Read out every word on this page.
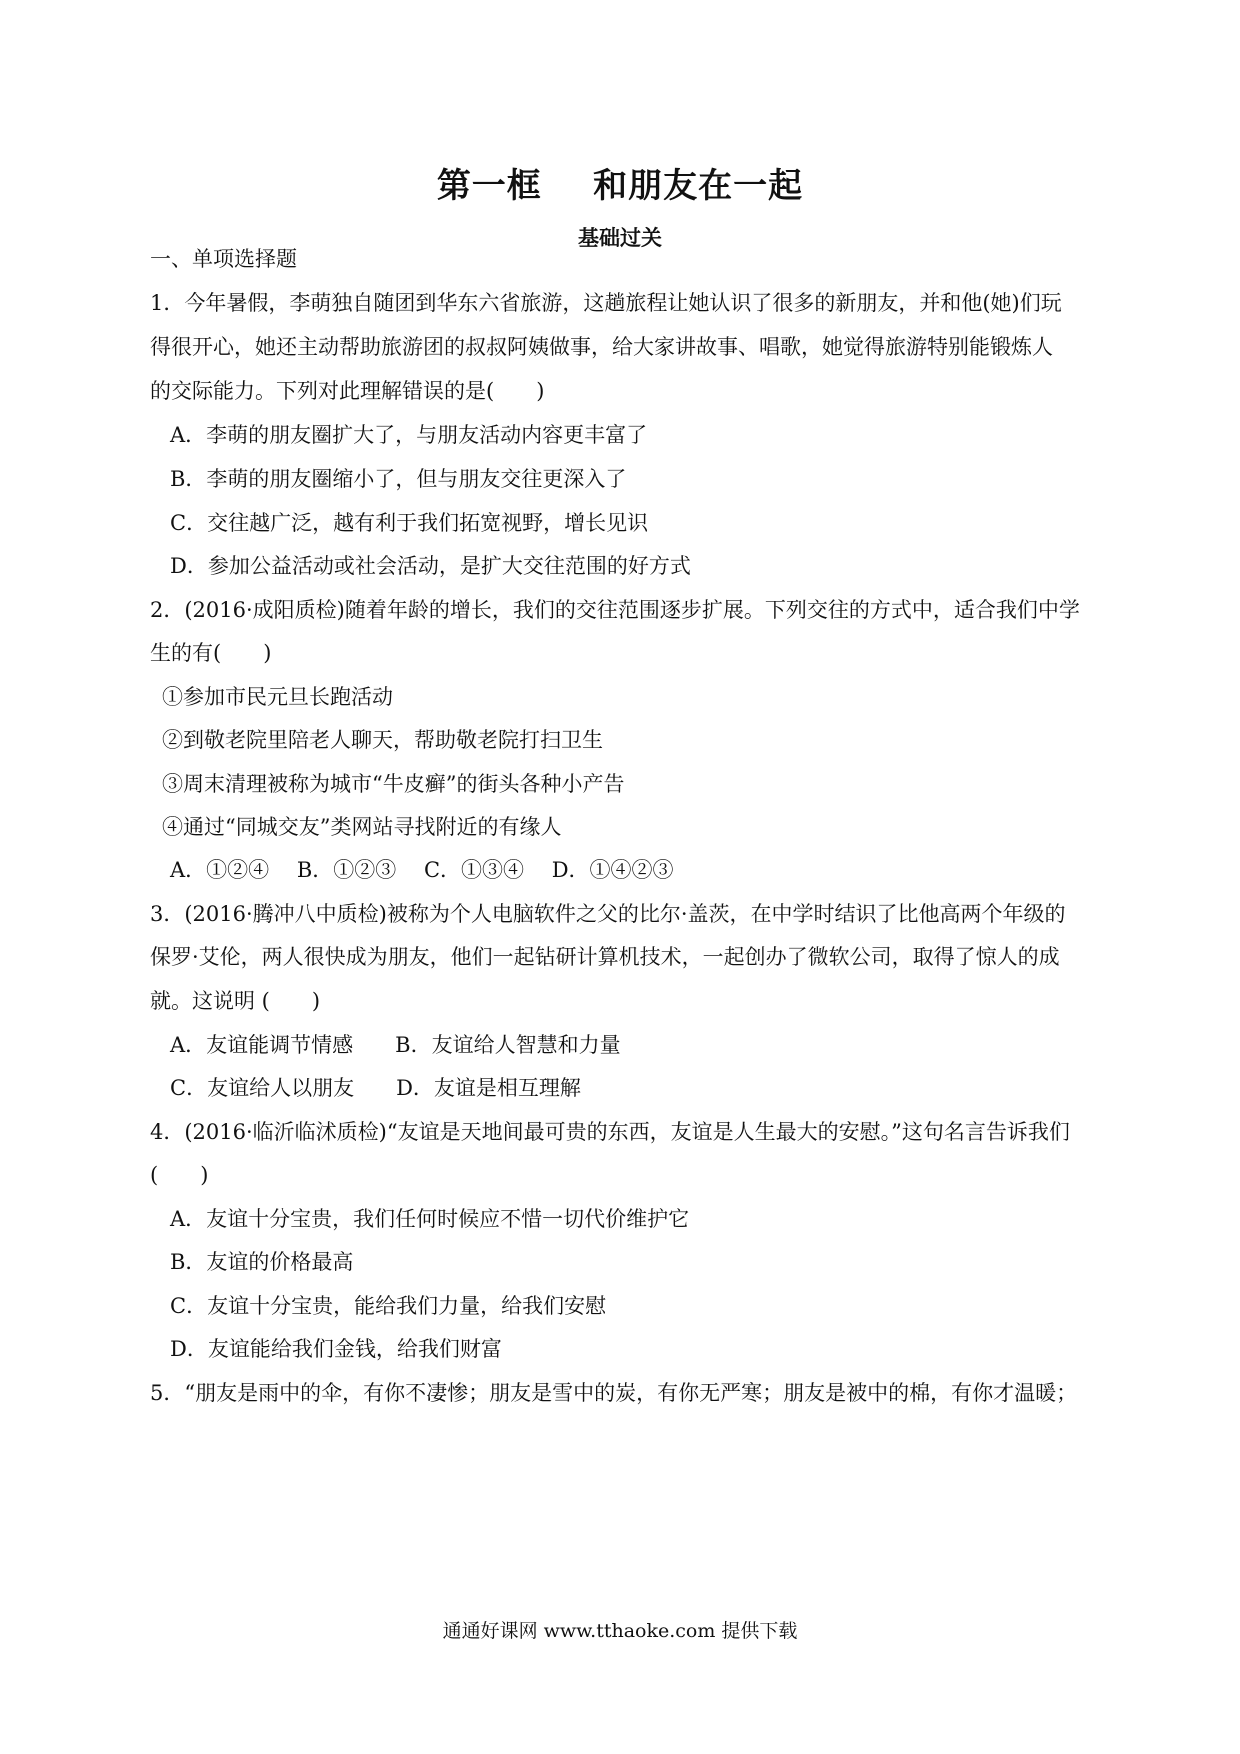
第一框    和朋友在一起
基础过关
一、单项选择题
1．今年暑假，李萌独自随团到华东六省旅游，这趟旅程让她认识了很多的新朋友，并和他(她)们玩
得很开心，她还主动帮助旅游团的叔叔阿姨做事，给大家讲故事、唱歌，她觉得旅游特别能锻炼人
的交际能力。下列对此理解错误的是(　　)
A．李萌的朋友圈扩大了，与朋友活动内容更丰富了
B．李萌的朋友圈缩小了，但与朋友交往更深入了
C．交往越广泛，越有利于我们拓宽视野，增长见识
D．参加公益活动或社会活动，是扩大交往范围的好方式
2．(2016·成阳质检)随着年龄的增长，我们的交往范围逐步扩展。下列交往的方式中，适合我们中学
生的有(　　)
①参加市民元旦长跑活动
②到敬老院里陪老人聊天，帮助敬老院打扫卫生
③周末清理被称为城市“牛皮癣”的街头各种小产告
④通过“同城交友”类网站寻找附近的有缘人
A．①②④　 B．①②③　 C．①③④　 D．①④②③
3．(2016·腾冲八中质检)被称为个人电脑软件之父的比尔·盖茨，在中学时结识了比他高两个年级的
保罗·艾伦，两人很快成为朋友，他们一起钻研计算机技术，一起创办了微软公司，取得了惊人的成
就。这说明 (　　)
A．友谊能调节情感　　B．友谊给人智慧和力量
C．友谊给人以朋友　　D．友谊是相互理解
4．(2016·临沂临沭质检)“友谊是天地间最可贵的东西，友谊是人生最大的安慰。”这句名言告诉我们
(　　)
A．友谊十分宝贵，我们任何时候应不惜一切代价维护它
B．友谊的价格最高
C．友谊十分宝贵，能给我们力量，给我们安慰
D．友谊能给我们金钱，给我们财富
5．“朋友是雨中的伞，有你不凄惨；朋友是雪中的炭，有你无严寒；朋友是被中的棉，有你才温暖；
通通好课网 www.tthaoke.com 提供下载
